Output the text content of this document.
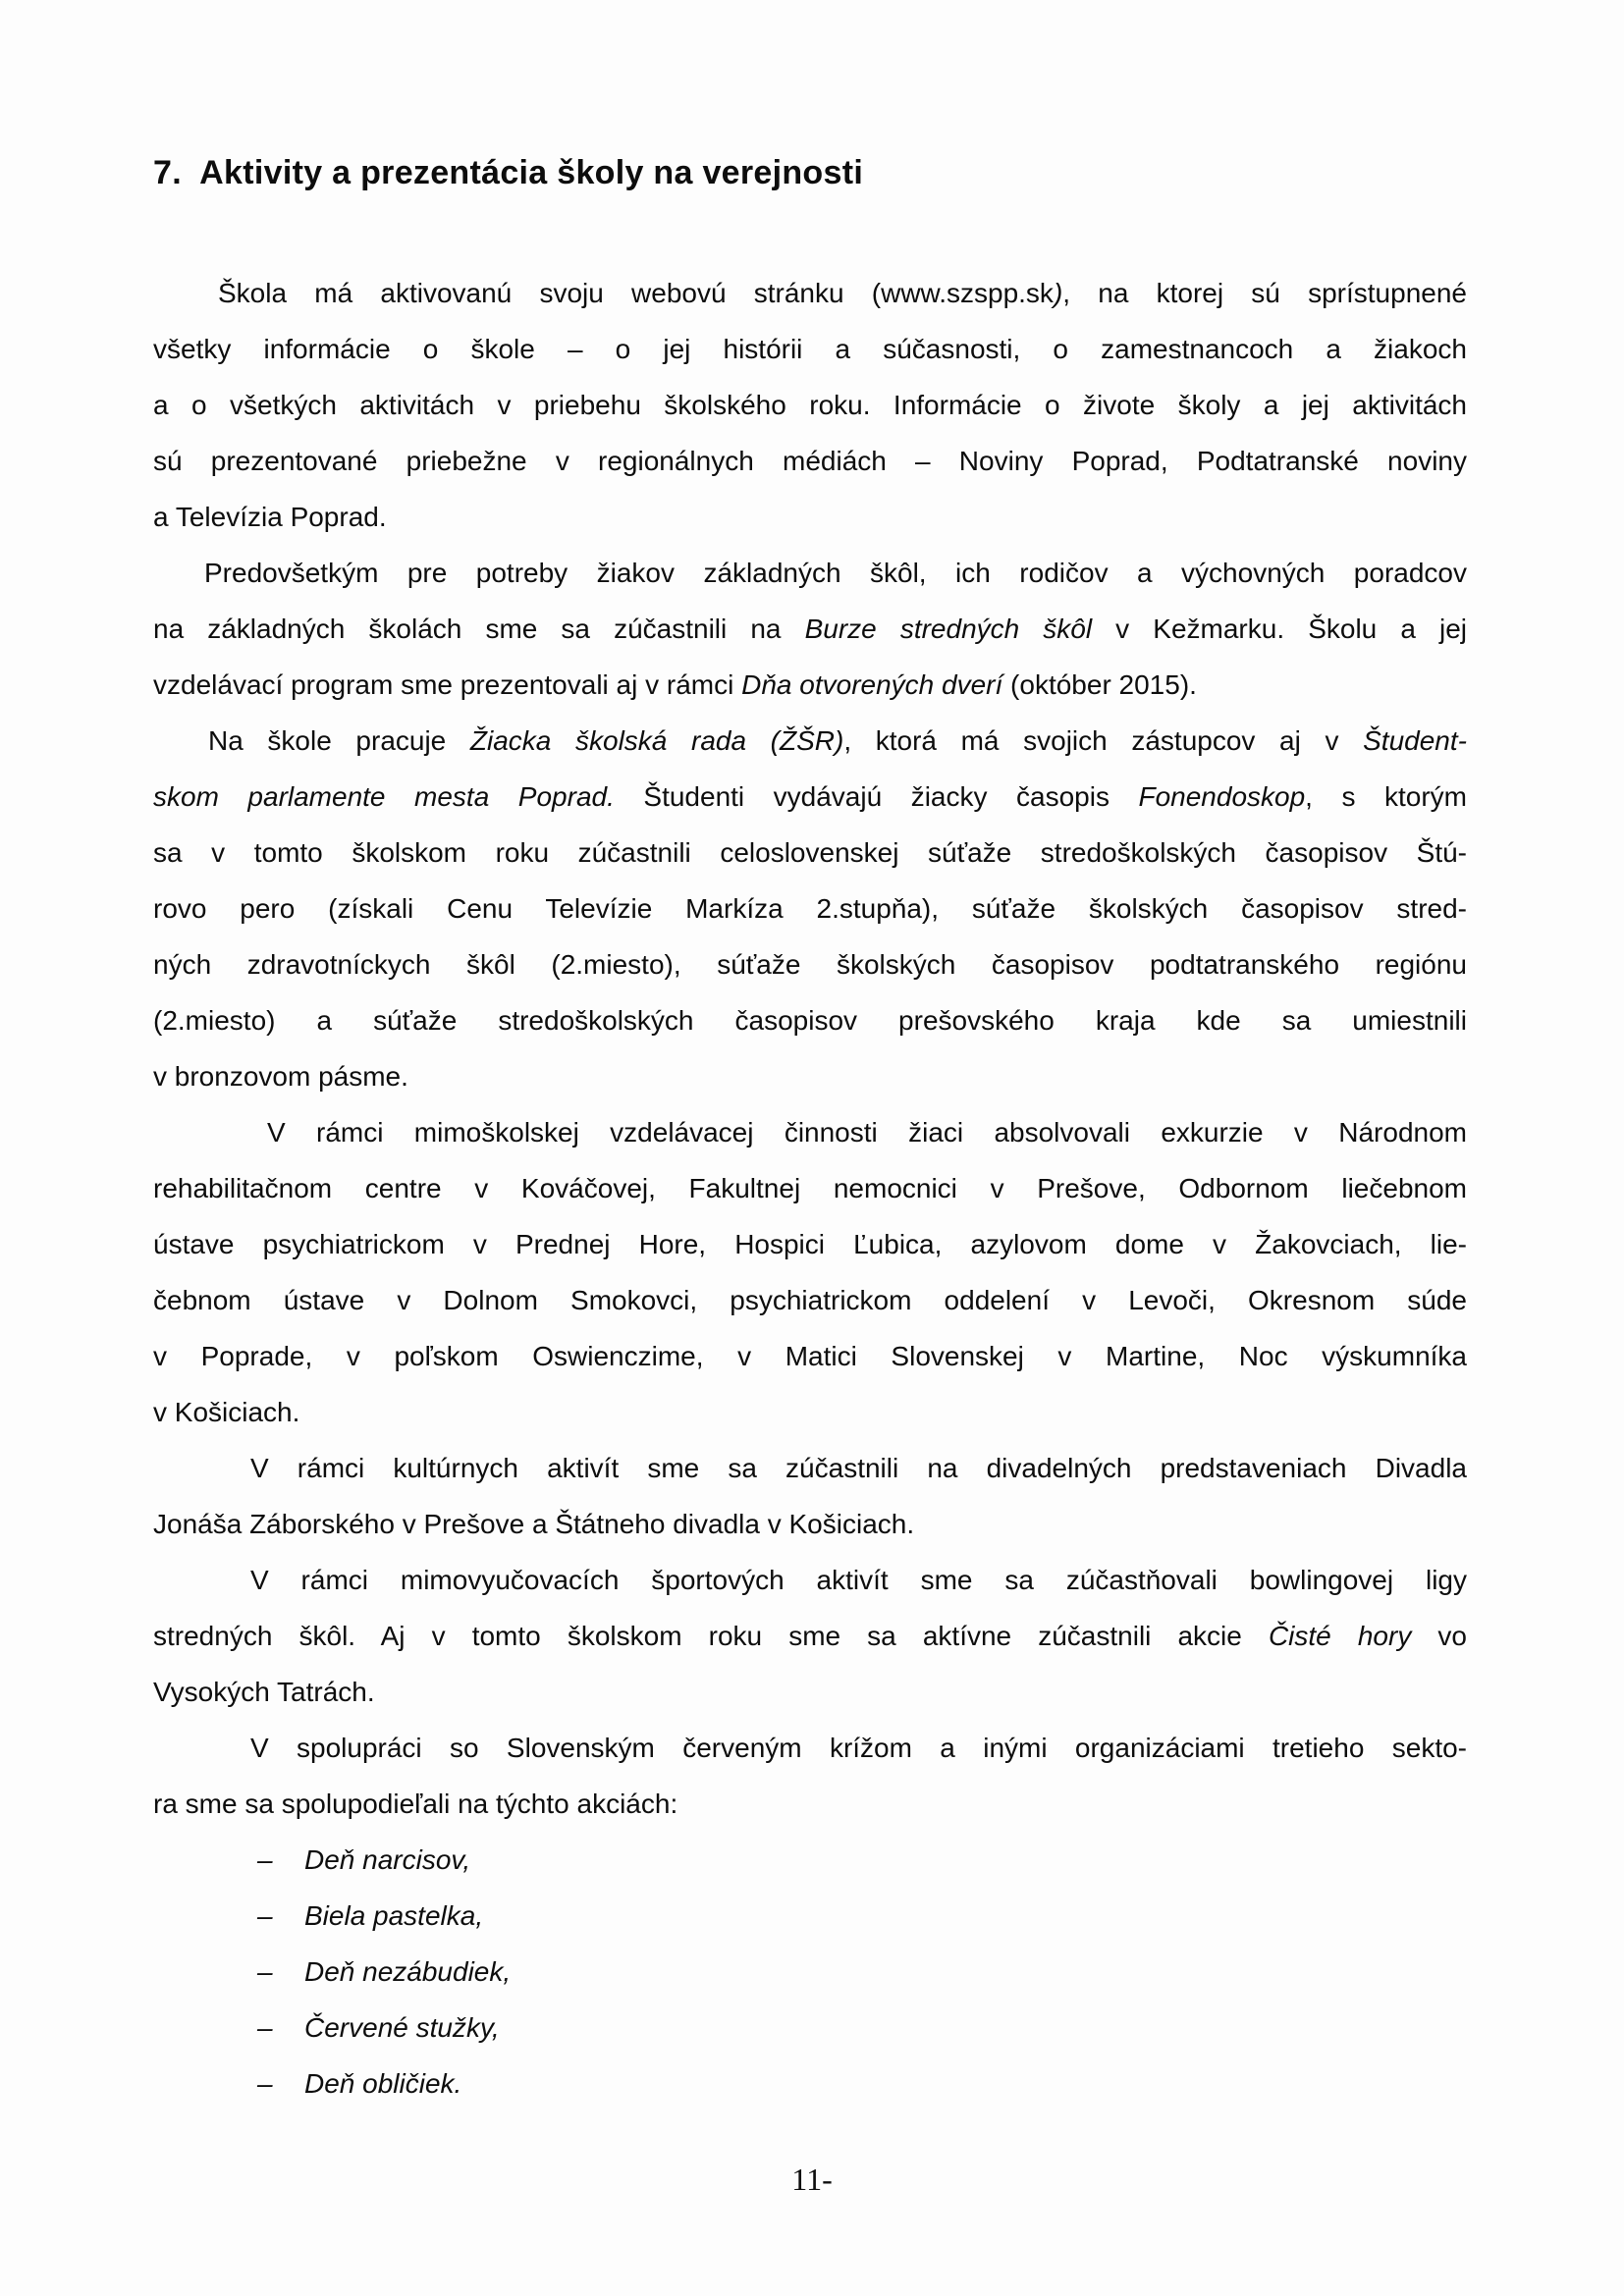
7.  Aktivity a prezentácia školy na verejnosti
Škola má aktivovanú svoju webovú stránku (www.szspp.sk), na ktorej sú sprístupnené
všetky informácie o škole – o jej histórii a súčasnosti, o zamestnancoch a žiakoch
a o všetkých aktivitách v priebehu školského roku. Informácie o živote školy a jej aktivitách
sú prezentované priebežne v regionálnych médiách – Noviny Poprad, Podtatranské noviny
a Televízia Poprad.
Predovšetkým pre potreby žiakov základných škôl, ich rodičov a výchovných poradcov
na základných školách sme sa zúčastnili na Burze stredných škôl v Kežmarku. Školu a jej
vzdelávací program sme prezentovali aj v rámci Dňa otvorených dverí (október 2015).
Na škole pracuje Žiacka školská rada (ŽŠR), ktorá má svojich zástupcov aj v Študent-
skom parlamente mesta Poprad. Študenti vydávajú žiacky časopis Fonendoskop, s ktorým
sa v tomto školskom roku zúčastnili celoslovenskej súťaže stredoškolských časopisov Štú-
rovo pero (získali Cenu Televízie Markíza 2.stupňa), súťaže školských časopisov stred-
ných zdravotníckych škôl (2.miesto), súťaže školských časopisov podtatranského regiónu
(2.miesto) a súťaže stredoškolských časopisov prešovského kraja kde sa umiestnili
v bronzovom pásme.
V rámci mimoškolskej vzdelávacej činnosti žiaci absolvovali exkurzie v Národnom
rehabilitačnom centre v Kováčovej, Fakultnej nemocnici v Prešove, Odbornom liečebnom
ústave psychiatrickom v Prednej Hore, Hospici Ľubica, azylovom dome v Žakovciach, lie-
čebnom ústave v Dolnom Smokovci, psychiatrickom oddelení v Levoči, Okresnom súde
v Poprade, v poľskom Oswienczime, v Matici Slovenskej v Martine, Noc výskumníka
v Košiciach.
V rámci kultúrnych aktivít sme sa zúčastnili na divadelných predstaveniach Divadla
Jonáša Záborského v Prešove a Štátneho divadla v Košiciach.
V rámci mimovyučovacích športových aktivít sme sa zúčastňovali bowlingovej ligy
stredných škôl. Aj v tomto školskom roku sme sa aktívne zúčastnili akcie Čisté hory vo
Vysokých Tatrách.
V spolupráci so Slovenským červeným krížom a inými organizáciami tretieho sekto-
ra sme sa spolupodieľali na týchto akciách:
– Deň narcisov,
– Biela pastelka,
– Deň nezábudiek,
– Červené stužky,
– Deň obličiek.
11-
